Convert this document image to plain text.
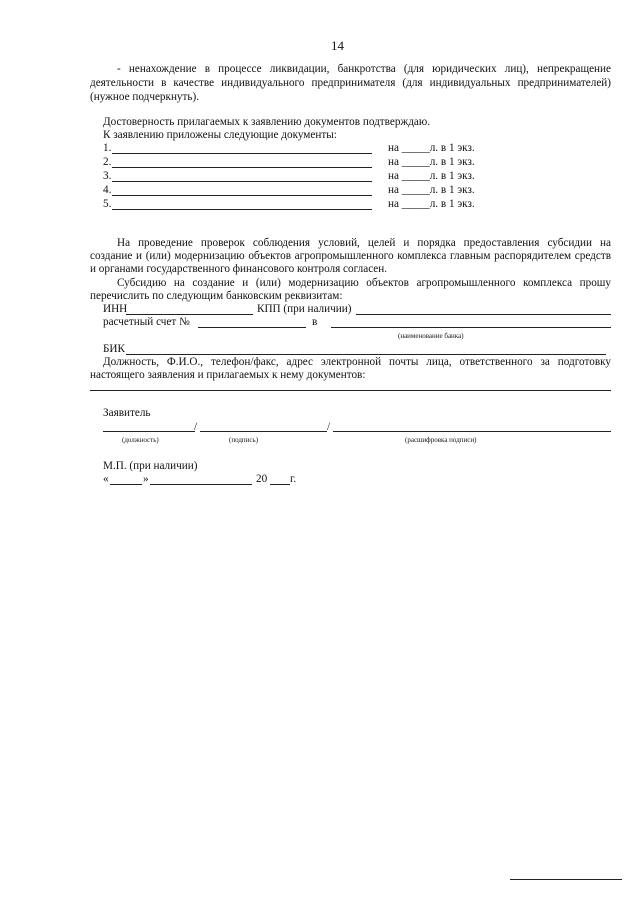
14
- ненахождение в процессе ликвидации, банкротства (для юридических лиц), непрекращение
деятельности в качестве индивидуального предпринимателя (для индивидуальных предпринимателей)
(нужное подчеркнуть).
Достоверность прилагаемых к заявлению документов подтверждаю.
К заявлению приложены следующие документы:
1.	на _____л. в 1 экз.
2.	на _____л. в 1 экз.
3.	на _____л. в 1 экз.
4.	на _____л. в 1 экз.
5.	на _____л. в 1 экз.
На проведение проверок соблюдения условий, целей и порядка предоставления субсидии на
создание и (или) модернизацию объектов агропромышленного комплекса главным распорядителем средств
и органами государственного финансового контроля согласен.
Субсидию на создание и (или) модернизацию объектов агропромышленного комплекса прошу
перечислить по следующим банковским реквизитам:
ИНН	КПП (при наличии)
расчетный счет №	в
(наименование банка)
БИК
Должность, Ф.И.О., телефон/факс, адрес электронной почты лица, ответственного за подготовку
настоящего заявления и прилагаемых к нему документов:
Заявитель
/	/
(должность)	(подпись)	(расшифровка подписи)
М.П. (при наличии)
«	»	20 г.
